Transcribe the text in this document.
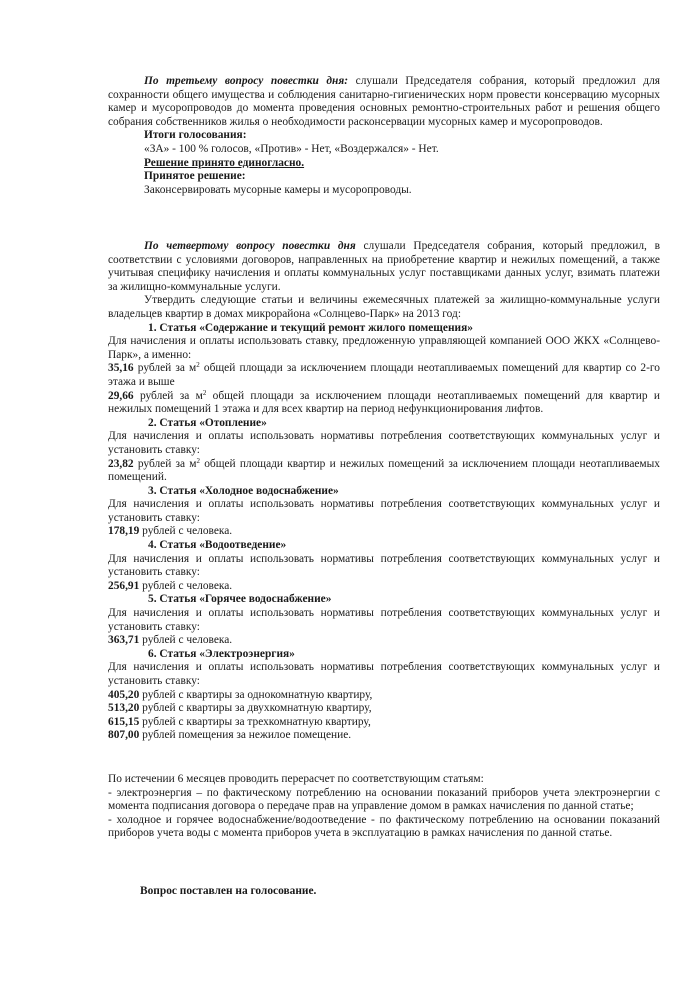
По третьему вопросу повестки дня: слушали Председателя собрания, который предложил для сохранности общего имущества и соблюдения санитарно-гигиенических норм провести консервацию мусорных камер и мусоропроводов до момента проведения основных ремонтно-строительных работ и решения общего собрания собственников жилья о необходимости расконсервации мусорных камер и мусоропроводов.

Итоги голосования:

«ЗА» - 100 % голосов, «Против» - Нет, «Воздержался» - Нет.

Решение принято единогласно.

Принятое решение:

Законсервировать мусорные камеры и мусоропроводы.

По четвертому вопросу повестки дня слушали Председателя собрания, который предложил, в соответствии с условиями договоров, направленных на приобретение квартир и нежилых помещений, а также учитывая специфику начисления и оплаты коммунальных услуг поставщиками данных услуг, взимать платежи за жилищно-коммунальные услуги.

Утвердить следующие статьи и величины ежемесячных платежей за жилищно-коммунальные услуги владельцев квартир в домах микрорайона «Солнцево-Парк» на 2013 год:

1. Статья «Содержание и текущий ремонт жилого помещения»

Для начисления и оплаты использовать ставку, предложенную управляющей компанией ООО ЖКХ «Солнцево-Парк», а именно:

35,16 рублей за $м^2$ общей площади за исключением площади неотапливаемых помещений для квартир со 2-го этажа и выше

29,66 рублей за $м^2$ общей площади за исключением площади неотапливаемых помещений для квартир и нежилых помещений 1 этажа и для всех квартир на период нефункционирования лифтов.

2. Статья «Отопление»

Для начисления и оплаты использовать нормативы потребления соответствующих коммунальных услуг и установить ставку:

23,82 рублей за $м^2$ общей площади квартир и нежилых помещений за исключением площади неотапливаемых помещений.

3. Статья «Холодное водоснабжение»

Для начисления и оплаты использовать нормативы потребления соответствующих коммунальных услуг и установить ставку:

178,19 рублей с человека.

4. Статья «Водоотведение»

Для начисления и оплаты использовать нормативы потребления соответствующих коммунальных услуг и установить ставку:

256,91 рублей с человека.

5. Статья «Горячее водоснабжение»

Для начисления и оплаты использовать нормативы потребления соответствующих коммунальных услуг и установить ставку:

363,71 рублей с человека.

6. Статья «Электроэнергия»

Для начисления и оплаты использовать нормативы потребления соответствующих коммунальных услуг и установить ставку:

405,20 рублей с квартиры за однокомнатную квартиру,

513,20 рублей с квартиры за двухкомнатную квартиру,

615,15 рублей с квартиры за трехкомнатную квартиру,

807,00 рублей помещения за нежилое помещение.

По истечении 6 месяцев проводить перерасчет по соответствующим статьям:

- электроэнергия – по фактическому потреблению на основании показаний приборов учета электроэнергии с момента подписания договора о передаче прав на управление домом в рамках начисления по данной статье;

- холодное и горячее водоснабжение/водоотведение - по фактическому потреблению на основании показаний приборов учета воды с момента приборов учета в эксплуатацию в рамках начисления по данной статье.

Вопрос поставлен на голосование.
